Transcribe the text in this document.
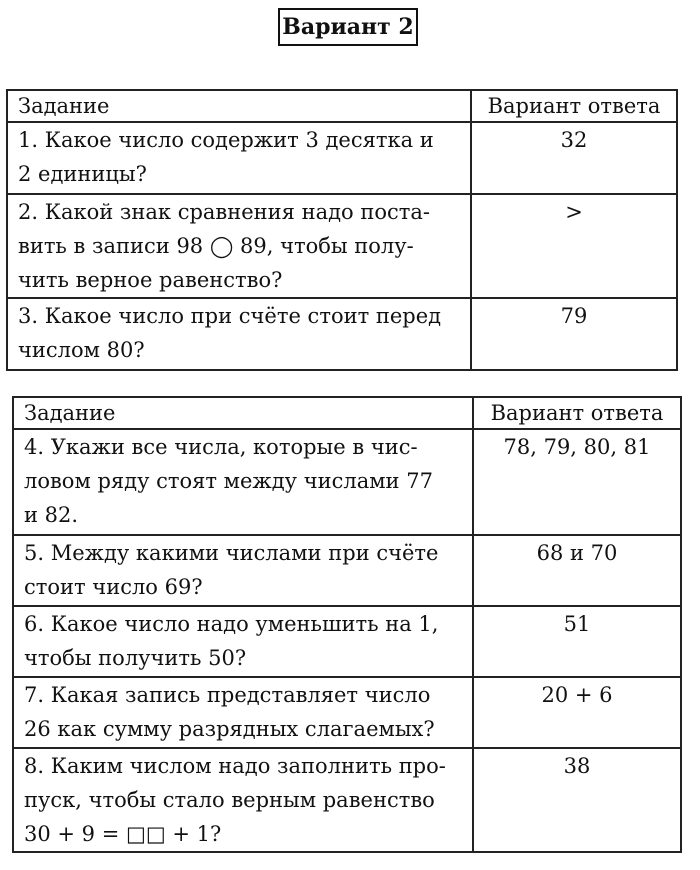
Вариант 2
Задание	Вариант ответа

1. Какое число содержит 3 десятка и
2 единицы?	32

2. Какой знак сравнения надо поста-
вить в записи 98 ◯ 89, чтобы полу-
чить верное равенство?	>

3. Какое число при счёте стоит перед
числом 80?	79
Задание	Вариант ответа

4. Укажи все числа, которые в чис-
ловом ряду стоят между числами 77
и 82.	78, 79, 80, 81

5. Между какими числами при счёте
стоит число 69?	68 и 70

6. Какое число надо уменьшить на 1,
чтобы получить 50?	51

7. Какая запись представляет число
26 как сумму разрядных слагаемых?	20 + 6

8. Каким числом надо заполнить про-
пуск, чтобы стало верным равенство
30 + 9 = □□ + 1?	38
